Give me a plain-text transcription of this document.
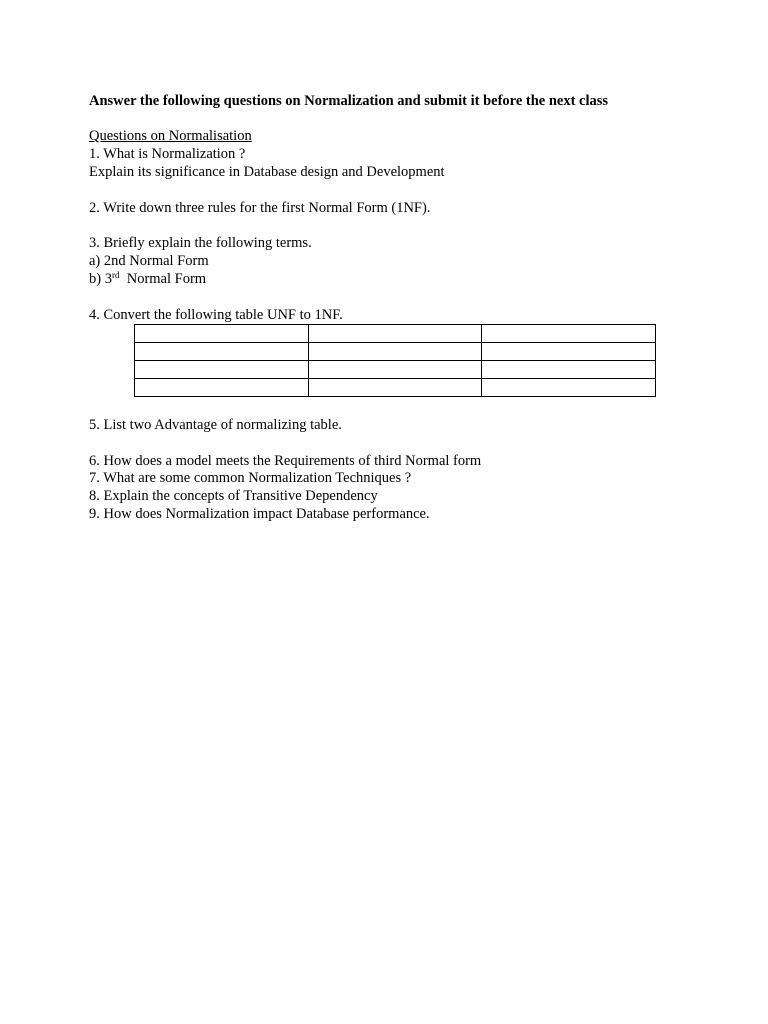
Answer the following questions on Normalization and submit it before the next class
Questions on Normalisation
1. What is Normalization ?
Explain its significance in Database design and Development
2. Write down three rules for the first Normal Form (1NF).
3. Briefly explain the following terms.
a) 2nd Normal Form
b) 3rd  Normal Form
4. Convert the following table UNF to 1NF.

5. List two Advantage of normalizing table.
6. How does a model meets the Requirements of third Normal form
7. What are some common Normalization Techniques ?
8. Explain the concepts of Transitive Dependency
9. How does Normalization impact Database performance.
